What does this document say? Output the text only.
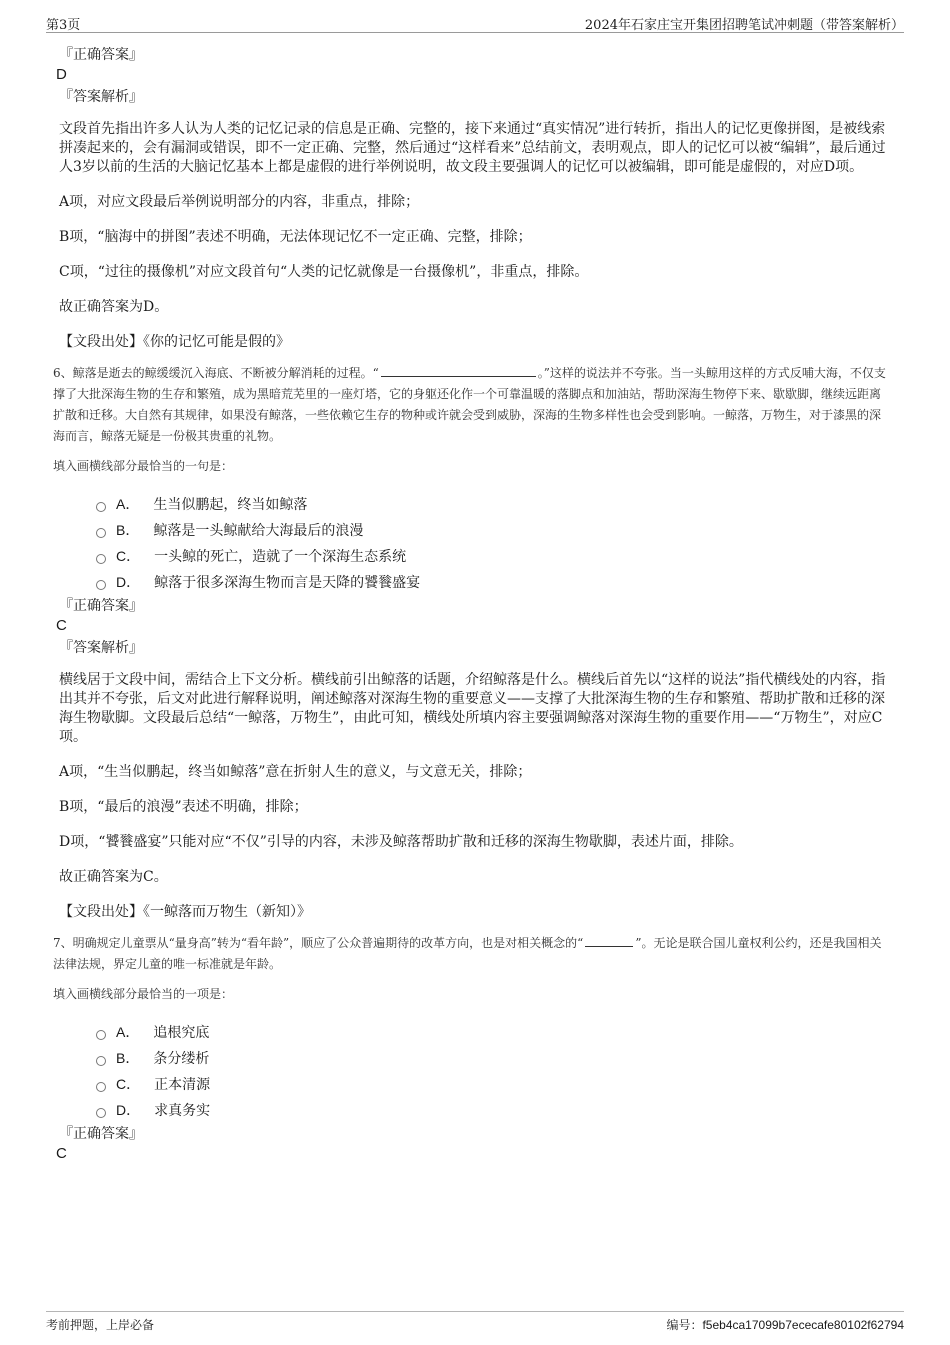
第3页	2024年石家庄宝开集团招聘笔试冲刺题（带答案解析）

『正确答案』

D

『答案解析』

文段首先指出许多人认为人类的记忆记录的信息是正确、完整的，接下来通过“真实情况”进行转折，指出人的记忆更像拼图，是被线索拼凑起来的，会有漏洞或错误，即不一定正确、完整，然后通过“这样看来”总结前文，表明观点，即人的记忆可以被“编辑”，最后通过人3岁以前的生活的大脑记忆基本上都是虚假的进行举例说明，故文段主要强调人的记忆可以被编辑，即可能是虚假的，对应D项。

A项，对应文段最后举例说明部分的内容，非重点，排除；

B项，“脑海中的拼图”表述不明确，无法体现记忆不一定正确、完整，排除；

C项，“过往的摄像机”对应文段首句“人类的记忆就像是一台摄像机”，非重点，排除。

故正确答案为D。

【文段出处】《你的记忆可能是假的》

6、鲸落是逝去的鲸缓缓沉入海底、不断被分解消耗的过程。“	。”这样的说法并不夸张。当一头鲸用这样的方式反哺大海，不仅支撑了大批深海生物的生存和繁殖，成为黑暗荒芜里的一座灯塔，它的身躯还化作一个可靠温暖的落脚点和加油站，帮助深海生物停下来、歇歇脚，继续远距离扩散和迁移。大自然有其规律，如果没有鲸落，一些依赖它生存的物种或许就会受到威胁，深海的生物多样性也会受到影响。一鲸落，万物生，对于漆黑的深海而言，鲸落无疑是一份极其贵重的礼物。

填入画横线部分最恰当的一句是：

A． 生当似鹏起，终当如鲸落
B． 鲸落是一头鲸献给大海最后的浪漫
C． 一头鲸的死亡，造就了一个深海生态系统
D． 鲸落于很多深海生物而言是天降的饕餮盛宴

『正确答案』

C

『答案解析』

横线居于文段中间，需结合上下文分析。横线前引出鲸落的话题，介绍鲸落是什么。横线后首先以“这样的说法”指代横线处的内容，指出其并不夸张，后文对此进行解释说明，阐述鲸落对深海生物的重要意义——支撑了大批深海生物的生存和繁殖、帮助扩散和迁移的深海生物歇脚。文段最后总结“一鲸落，万物生”，由此可知，横线处所填内容主要强调鲸落对深海生物的重要作用——“万物生”，对应C项。

A项，“生当似鹏起，终当如鲸落”意在折射人生的意义，与文意无关，排除；

B项，“最后的浪漫”表述不明确，排除；

D项，“饕餮盛宴”只能对应“不仅”引导的内容，未涉及鲸落帮助扩散和迁移的深海生物歇脚，表述片面，排除。

故正确答案为C。

【文段出处】《一鲸落而万物生（新知）》

7、明确规定儿童票从“量身高”转为“看年龄”，顺应了公众普遍期待的改革方向，也是对相关概念的“	”。无论是联合国儿童权利公约，还是我国相关法律法规，界定儿童的唯一标准就是年龄。

填入画横线部分最恰当的一项是：

A． 追根究底
B． 条分缕析
C． 正本清源
D． 求真务实

『正确答案』

C

考前押题，上岸必备	编号：f5eb4ca17099b7ececafe80102f62794
